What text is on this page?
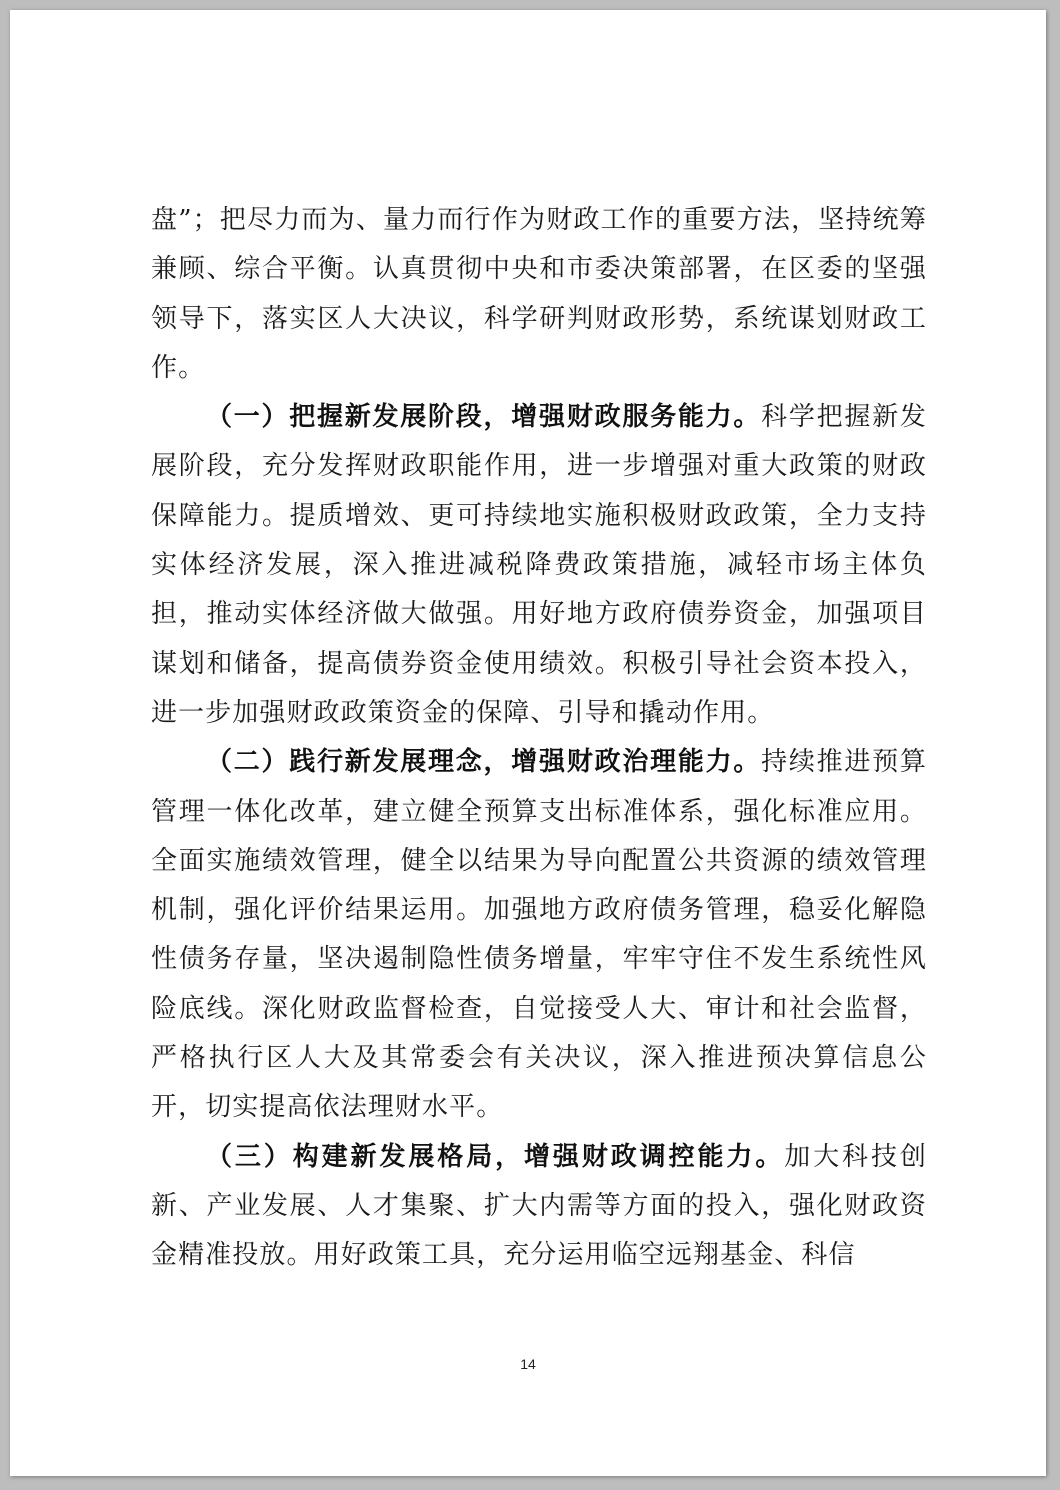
盘”；把尽力而为、量力而行作为财政工作的重要方法，坚持统筹兼顾、综合平衡。认真贯彻中央和市委决策部署，在区委的坚强领导下，落实区人大决议，科学研判财政形势，系统谋划财政工作。

（一）把握新发展阶段，增强财政服务能力。科学把握新发展阶段，充分发挥财政职能作用，进一步增强对重大政策的财政保障能力。提质增效、更可持续地实施积极财政政策，全力支持实体经济发展，深入推进减税降费政策措施，减轻市场主体负担，推动实体经济做大做强。用好地方政府债券资金，加强项目谋划和储备，提高债券资金使用绩效。积极引导社会资本投入，进一步加强财政政策资金的保障、引导和撬动作用。

（二）践行新发展理念，增强财政治理能力。持续推进预算管理一体化改革，建立健全预算支出标准体系，强化标准应用。全面实施绩效管理，健全以结果为导向配置公共资源的绩效管理机制，强化评价结果运用。加强地方政府债务管理，稳妥化解隐性债务存量，坚决遏制隐性债务增量，牢牢守住不发生系统性风险底线。深化财政监督检查，自觉接受人大、审计和社会监督，严格执行区人大及其常委会有关决议，深入推进预决算信息公开，切实提高依法理财水平。

（三）构建新发展格局，增强财政调控能力。加大科技创新、产业发展、人才集聚、扩大内需等方面的投入，强化财政资金精准投放。用好政策工具，充分运用临空远翔基金、科信

14
